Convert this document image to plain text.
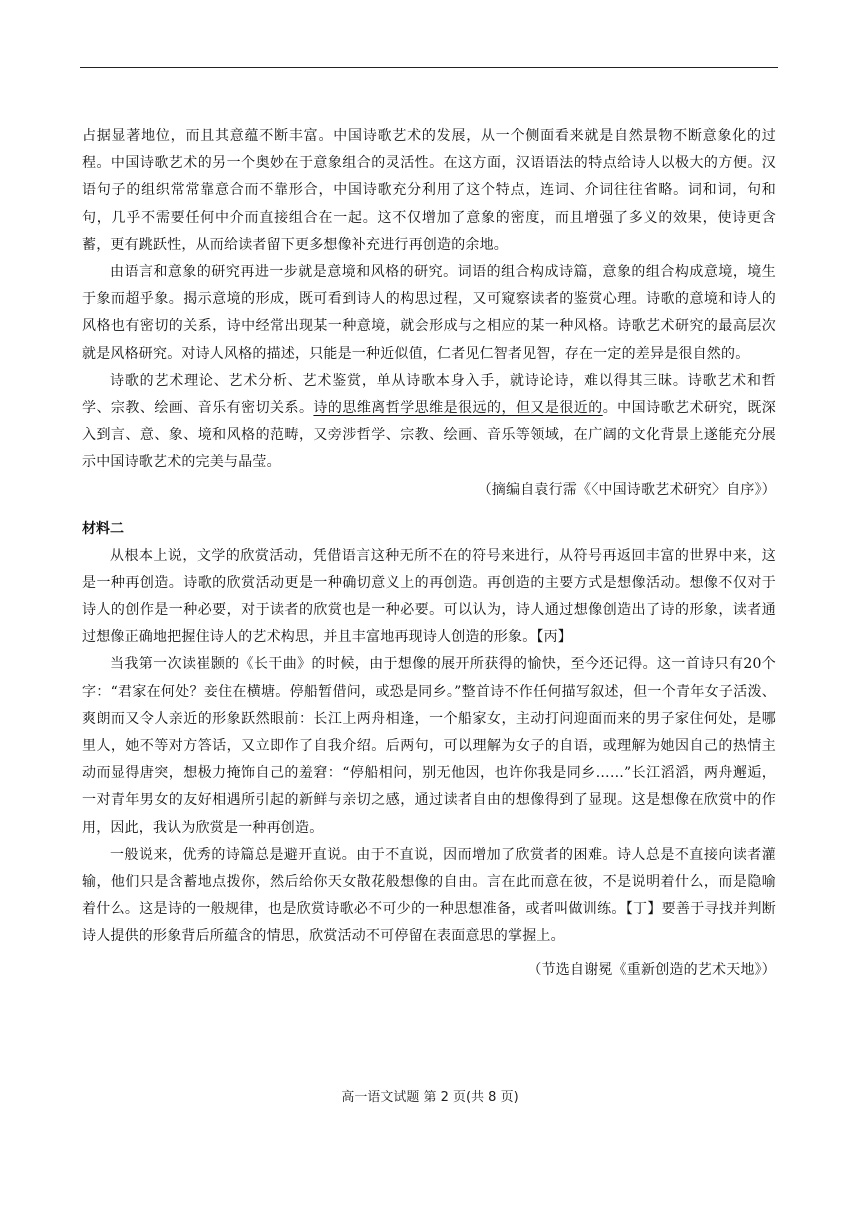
占据显著地位，而且其意蕴不断丰富。中国诗歌艺术的发展，从一个侧面看来就是自然景物不断意象化的过程。中国诗歌艺术的另一个奥妙在于意象组合的灵活性。在这方面，汉语语法的特点给诗人以极大的方便。汉语句子的组织常常靠意合而不靠形合，中国诗歌充分利用了这个特点，连词、介词往往省略。词和词，句和句，几乎不需要任何中介而直接组合在一起。这不仅增加了意象的密度，而且增强了多义的效果，使诗更含蓄，更有跳跃性，从而给读者留下更多想像补充进行再创造的余地。

由语言和意象的研究再进一步就是意境和风格的研究。词语的组合构成诗篇，意象的组合构成意境，境生于象而超乎象。揭示意境的形成，既可看到诗人的构思过程，又可窥察读者的鉴赏心理。诗歌的意境和诗人的风格也有密切的关系，诗中经常出现某一种意境，就会形成与之相应的某一种风格。诗歌艺术研究的最高层次就是风格研究。对诗人风格的描述，只能是一种近似值，仁者见仁智者见智，存在一定的差异是很自然的。

诗歌的艺术理论、艺术分析、艺术鉴赏，单从诗歌本身入手，就诗论诗，难以得其三昧。诗歌艺术和哲学、宗教、绘画、音乐有密切关系。诗的思维离哲学思维是很远的，但又是很近的。中国诗歌艺术研究，既深入到言、意、象、境和风格的范畴，又旁涉哲学、宗教、绘画、音乐等领域，在广阔的文化背景上遂能充分展示中国诗歌艺术的完美与晶莹。

（摘编自袁行霈《〈中国诗歌艺术研究〉自序》）

材料二

从根本上说，文学的欣赏活动，凭借语言这种无所不在的符号来进行，从符号再返回丰富的世界中来，这是一种再创造。诗歌的欣赏活动更是一种确切意义上的再创造。再创造的主要方式是想像活动。想像不仅对于诗人的创作是一种必要，对于读者的欣赏也是一种必要。可以认为，诗人通过想像创造出了诗的形象，读者通过想像正确地把握住诗人的艺术构思，并且丰富地再现诗人创造的形象。【丙】

当我第一次读崔颢的《长干曲》的时候，由于想像的展开所获得的愉快，至今还记得。这一首诗只有20个字：“君家在何处？妾住在横塘。停船暂借问，或恐是同乡。”整首诗不作任何描写叙述，但一个青年女子活泼、爽朗而又令人亲近的形象跃然眼前：长江上两舟相逢，一个船家女，主动打问迎面而来的男子家住何处，是哪里人，她不等对方答话，又立即作了自我介绍。后两句，可以理解为女子的自语，或理解为她因自己的热情主动而显得唐突，想极力掩饰自己的羞窘：“停船相问，别无他因，也许你我是同乡……”长江滔滔，两舟邂逅，一对青年男女的友好相遇所引起的新鲜与亲切之感，通过读者自由的想像得到了显现。这是想像在欣赏中的作用，因此，我认为欣赏是一种再创造。

一般说来，优秀的诗篇总是避开直说。由于不直说，因而增加了欣赏者的困难。诗人总是不直接向读者灌输，他们只是含蓄地点拨你，然后给你天女散花般想像的自由。言在此而意在彼，不是说明着什么，而是隐喻着什么。这是诗的一般规律，也是欣赏诗歌必不可少的一种思想准备，或者叫做训练。【丁】要善于寻找并判断诗人提供的形象背后所蕴含的情思，欣赏活动不可停留在表面意思的掌握上。

（节选自谢冕《重新创造的艺术天地》）

高一语文试题 第 2 页(共 8 页)
